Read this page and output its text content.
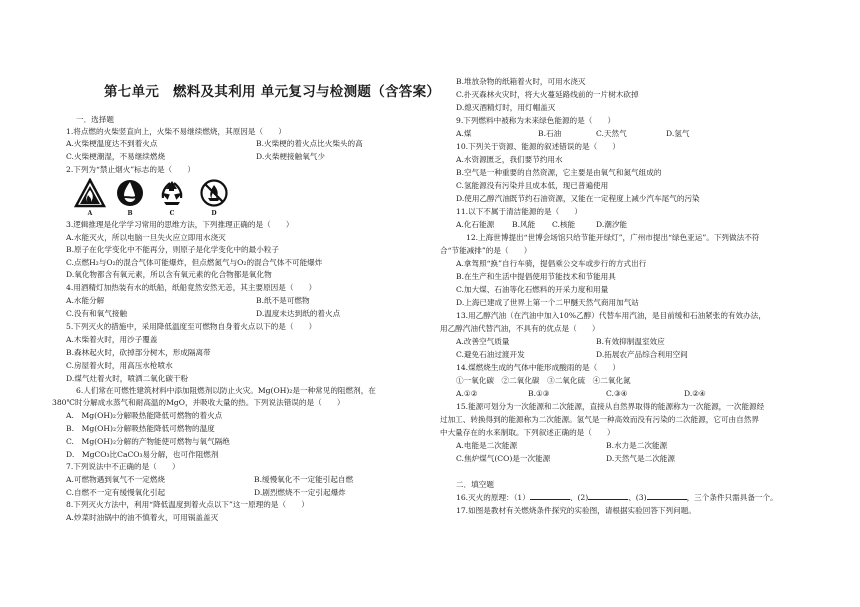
第七单元　燃料及其利用 单元复习与检测题（含答案）
一．选择题
1.将点燃的火柴竖直向上，火柴不易继续燃烧，其原因是（　　）
A.火柴梗温度达不到着火点	B.火柴梗的着火点比火柴头的高
C.火柴梗潮湿，不易继续燃烧	D.火柴梗接触氧气少
2.下列为“禁止烟火”标志的是（　　）
3.逻辑推理是化学学习常用的思维方法，下列推理正确的是（　　）
A.水能灭火，所以电脑一旦失火应立即用水浇灭
B.原子在化学变化中不能再分，则原子是化学变化中的最小粒子
C.点燃H₂与O₂的混合气体可能爆炸，但点燃氮气与O₂的混合气体不可能爆炸
D.氧化物都含有氧元素，所以含有氧元素的化合物都是氧化物
4.用酒精灯加热装有水的纸船，纸船竟然安然无恙，其主要原因是（　　）
A.水能分解	B.纸不是可燃物
C.没有和氧气接触	D.温度未达到纸的着火点
5.下列灭火的措施中，采用降低温度至可燃物自身着火点以下的是（　　）
A.木柴着火时，用沙子覆盖
B.森林起火时，砍掉部分树木，形成隔离带
C.房屋着火时，用高压水枪喷水
D.煤气灶着火时，喷洒二氧化碳干粉
6.人们常在可燃性建筑材料中添加阻燃剂以防止火灾。Mg(OH)₂是一种常见的阻燃剂，在
380℃时分解成水蒸气和耐高温的MgO，并吸收大量的热。下列说法错误的是（　　）
A.　Mg(OH)₂分解吸热能降低可燃物的着火点
B.　Mg(OH)₂分解吸热能降低可燃物的温度
C.　Mg(OH)₂分解的产物能使可燃物与氧气隔绝
D.　MgCO₃比CaCO₃易分解，也可作阻燃剂
7.下列说法中不正确的是（　　）
A.可燃物遇到氧气不一定燃烧	B.缓慢氧化不一定能引起自燃
C.自燃不一定有缓慢氧化引起	D.剧烈燃烧不一定引起爆炸
8.下列灭火方法中，利用“降低温度到着火点以下”这一原理的是（　　）
A.炒菜时油锅中的油不慎着火，可用锅盖盖灭
A	B	C	D
B.堆放杂物的纸箱着火时，可用水浇灭
C.扑灭森林火灾时，将大火蔓延路线前的一片树木砍掉
D.熄灭酒精灯时，用灯帽盖灭
9.下列燃料中被称为未来绿色能源的是（　　）
A.煤	B.石油	C.天然气	D.氢气
10.下列关于资源、能源的叙述错误的是（　　）
A.水资源匮乏，我们要节约用水
B.空气是一种重要的自然资源，它主要是由氧气和氮气组成的
C.氢能源没有污染并且成本低，现已普遍使用
D.使用乙醇汽油既节约石油资源，又能在一定程度上减少汽车尾气的污染
11.以下不属于清洁能源的是（　　）
A.化石能源 B.风能 C.核能	D.潮汐能
12.上海世博提出“世博会场馆只给节能开绿灯”，广州市提出“绿色亚运”。下列做法不符
合“节能减排”的是（　　）
A.拿驾照“换”自行车骑，提倡乘公交车或步行的方式出行
B.在生产和生活中提倡使用节能技术和节能用具
C.加大煤、石油等化石燃料的开采力度和用量
D.上海已建成了世界上第一个二甲醚天然气商用加气站
13.用乙醇汽油（在汽油中加入10%乙醇）代替车用汽油，是目前缓和石油紧张的有效办法，
用乙醇汽油代替汽油，不具有的优点是（　　）
A.改善空气质量	B.有效抑制温室效应
C.避免石油过渡开发	D.拓展农产品综合利用空间
14.煤燃烧生成的气体中能形成酸雨的是（　　）
①一氧化碳　②二氧化碳　③二氧化硫　④二氧化氮
A.①②	B.①③	C.③④	D.②④
15.能源可划分为一次能源和二次能源，直接从自然界取得的能源称为一次能源，一次能源经
过加工、转换得到的能源称为二次能源。氢气是一种高效而没有污染的二次能源，它可由自然界
中大量存在的水来制取。下列叙述正确的是（　　）
A.电能是二次能源	B.水力是二次能源
C.焦炉煤气(CO)是一次能源	D.天然气是二次能源
二．填空题
16.灭火的原理：（1）	、(2)	、(3)	，三个条件只需具备一个。
17.如图是教材有关燃烧条件探究的实验图，请根据实验回答下列问题。
